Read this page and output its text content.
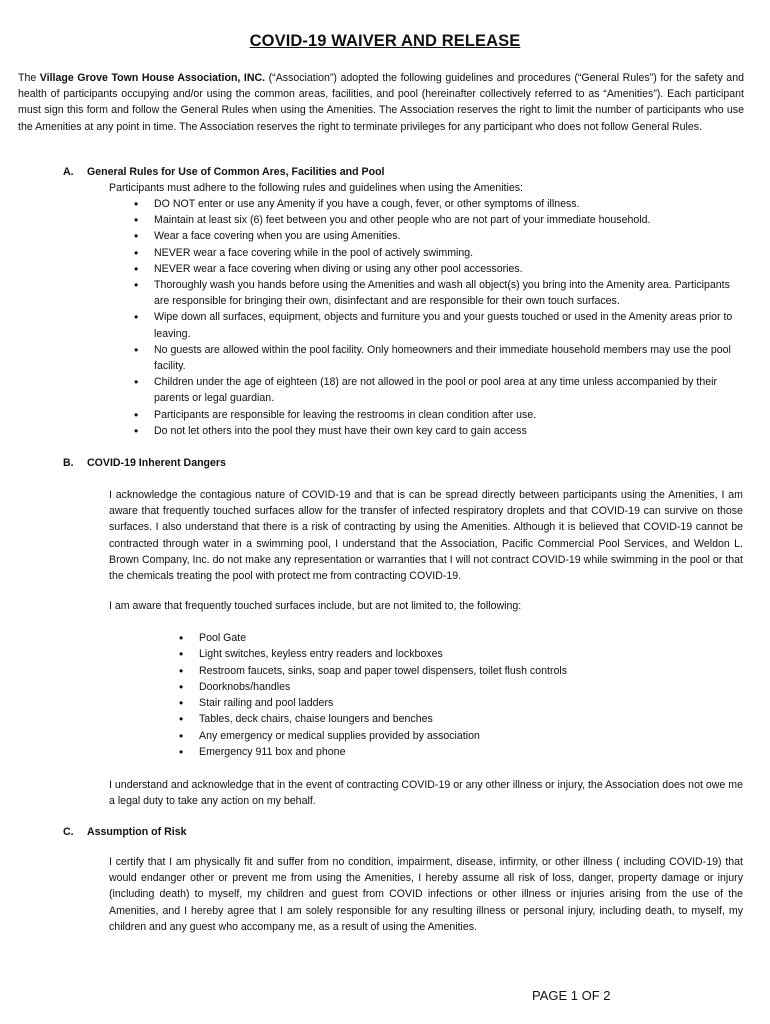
COVID-19 WAIVER AND RELEASE
The Village Grove Town House Association, INC. (“Association”) adopted the following guidelines and procedures (“General Rules”) for the safety and health of participants occupying and/or using the common areas, facilities, and pool (hereinafter collectively referred to as “Amenities”). Each participant must sign this form and follow the General Rules when using the Amenities. The Association reserves the right to limit the number of participants who use the Amenities at any point in time. The Association reserves the right to terminate privileges for any participant who does not follow General Rules.
A. General Rules for Use of Common Ares, Facilities and Pool
Participants must adhere to the following rules and guidelines when using the Amenities:
• DO NOT enter or use any Amenity if you have a cough, fever, or other symptoms of illness.
• Maintain at least six (6) feet between you and other people who are not part of your immediate household.
• Wear a face covering when you are using Amenities.
• NEVER wear a face covering while in the pool of actively swimming.
• NEVER wear a face covering when diving or using any other pool accessories.
• Thoroughly wash you hands before using the Amenities and wash all object(s) you bring into the Amenity area. Participants are responsible for bringing their own, disinfectant and are responsible for their own touch surfaces.
• Wipe down all surfaces, equipment, objects and furniture you and your guests touched or used in the Amenity areas prior to leaving.
• No guests are allowed within the pool facility. Only homeowners and their immediate household members may use the pool facility.
• Children under the age of eighteen (18) are not allowed in the pool or pool area at any time unless accompanied by their parents or legal guardian.
• Participants are responsible for leaving the restrooms in clean condition after use.
• Do not let others into the pool they must have their own key card to gain access
B. COVID-19 Inherent Dangers
I acknowledge the contagious nature of COVID-19 and that is can be spread directly between participants using the Amenities, I am aware that frequently touched surfaces allow for the transfer of infected respiratory droplets and that COVID-19 can survive on those surfaces. I also understand that there is a risk of contracting by using the Amenities. Although it is believed that COVID-19 cannot be contracted through water in a swimming pool, I understand that the Association, Pacific Commercial Pool Services, and Weldon L. Brown Company, Inc. do not make any representation or warranties that I will not contract COVID-19 while swimming in the pool or that the chemicals treating the pool with protect me from contracting COVID-19.
I am aware that frequently touched surfaces include, but are not limited to, the following:
• Pool Gate
• Light switches, keyless entry readers and lockboxes
• Restroom faucets, sinks, soap and paper towel dispensers, toilet flush controls
• Doorknobs/handles
• Stair railing and pool ladders
• Tables, deck chairs, chaise loungers and benches
• Any emergency or medical supplies provided by association
• Emergency 911 box and phone
I understand and acknowledge that in the event of contracting COVID-19 or any other illness or injury, the Association does not owe me a legal duty to take any action on my behalf.
C. Assumption of Risk
I certify that I am physically fit and suffer from no condition, impairment, disease, infirmity, or other illness ( including COVID-19) that would endanger other or prevent me from using the Amenities, I hereby assume all risk of loss, danger, property damage or injury (including death) to myself, my children and guest from COVID infections or other illness or injuries arising from the use of the Amenities, and I hereby agree that I am solely responsible for any resulting illness or personal injury, including death, to myself, my children and any guest who accompany me, as a result of using the Amenities.
PAGE 1 OF 2
